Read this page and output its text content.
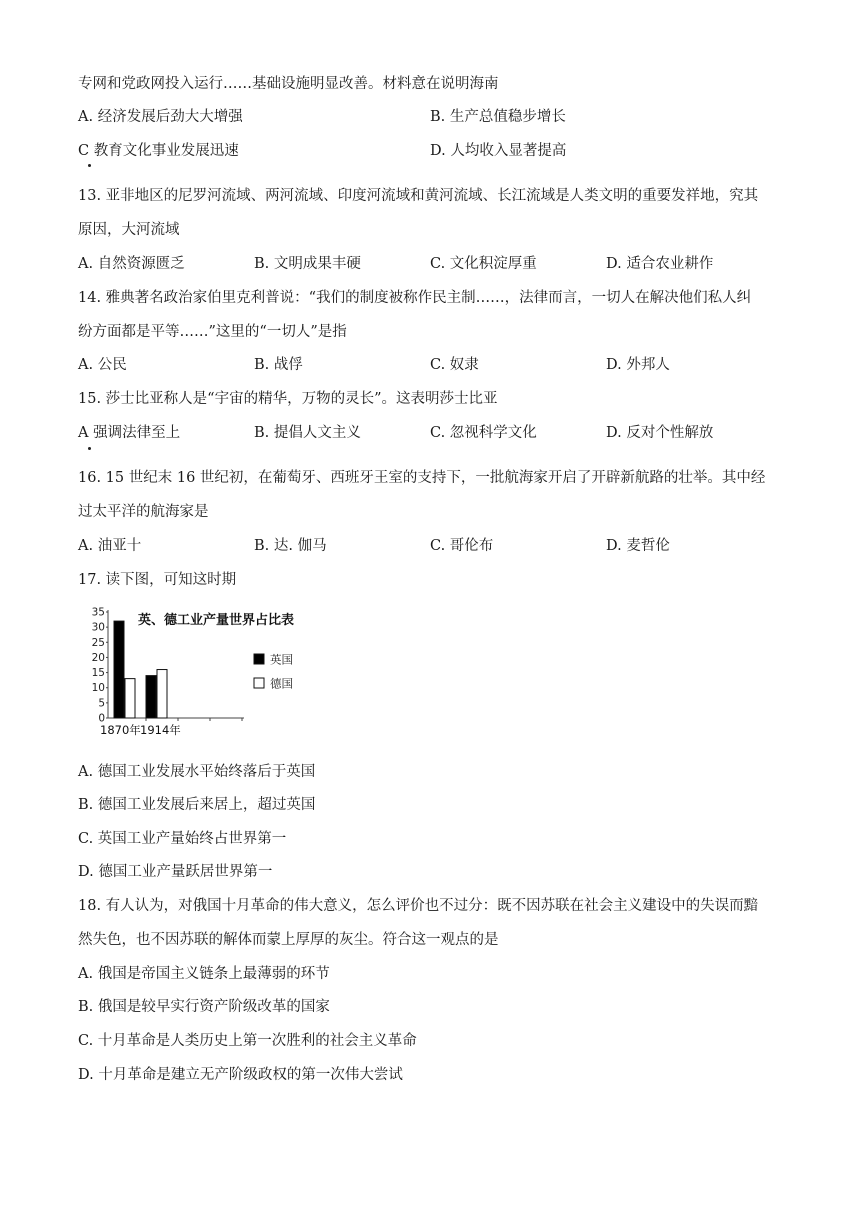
专网和党政网投入运行……基础设施明显改善。材料意在说明海南
A. 经济发展后劲大大增强	B. 生产总值稳步增长
C 教育文化事业发展迅速	D. 人均收入显著提高
13. 亚非地区的尼罗河流域、两河流域、印度河流域和黄河流域、长江流域是人类文明的重要发祥地，究其
原因，大河流域
A. 自然资源匮乏	B. 文明成果丰硬	C. 文化积淀厚重	D. 适合农业耕作
14. 雅典著名政治家伯里克利普说：“我们的制度被称作民主制……，法律而言，一切人在解决他们私人纠
纷方面都是平等……”这里的“一切人”是指
A. 公民	B. 战俘	C. 奴隶	D. 外邦人
15. 莎士比亚称人是“宇宙的精华，万物的灵长”。这表明莎士比亚
A 强调法律至上	B. 提倡人文主义	C. 忽视科学文化	D. 反对个性解放
16. 15 世纪末 16 世纪初，在葡萄牙、西班牙王室的支持下，一批航海家开启了开辟新航路的壮举。其中经
过太平洋的航海家是
A. 油亚十	B. 达. 伽马	C. 哥伦布	D. 麦哲伦
17. 读下图，可知这时期
英、德工业产量世界占比表
0
5
10
15
20
25
30
35
1870年 1914年
英国
德国
A. 德国工业发展水平始终落后于英国
B. 德国工业发展后来居上，超过英国
C. 英国工业产量始终占世界第一
D. 德国工业产量跃居世界第一
18. 有人认为，对俄国十月革命的伟大意义，怎么评价也不过分：既不因苏联在社会主义建设中的失误而黯
然失色，也不因苏联的解体而蒙上厚厚的灰尘。符合这一观点的是
A. 俄国是帝国主义链条上最薄弱的环节
B. 俄国是较早实行资产阶级改革的国家
C. 十月革命是人类历史上第一次胜利的社会主义革命
D. 十月革命是建立无产阶级政权的第一次伟大尝试
